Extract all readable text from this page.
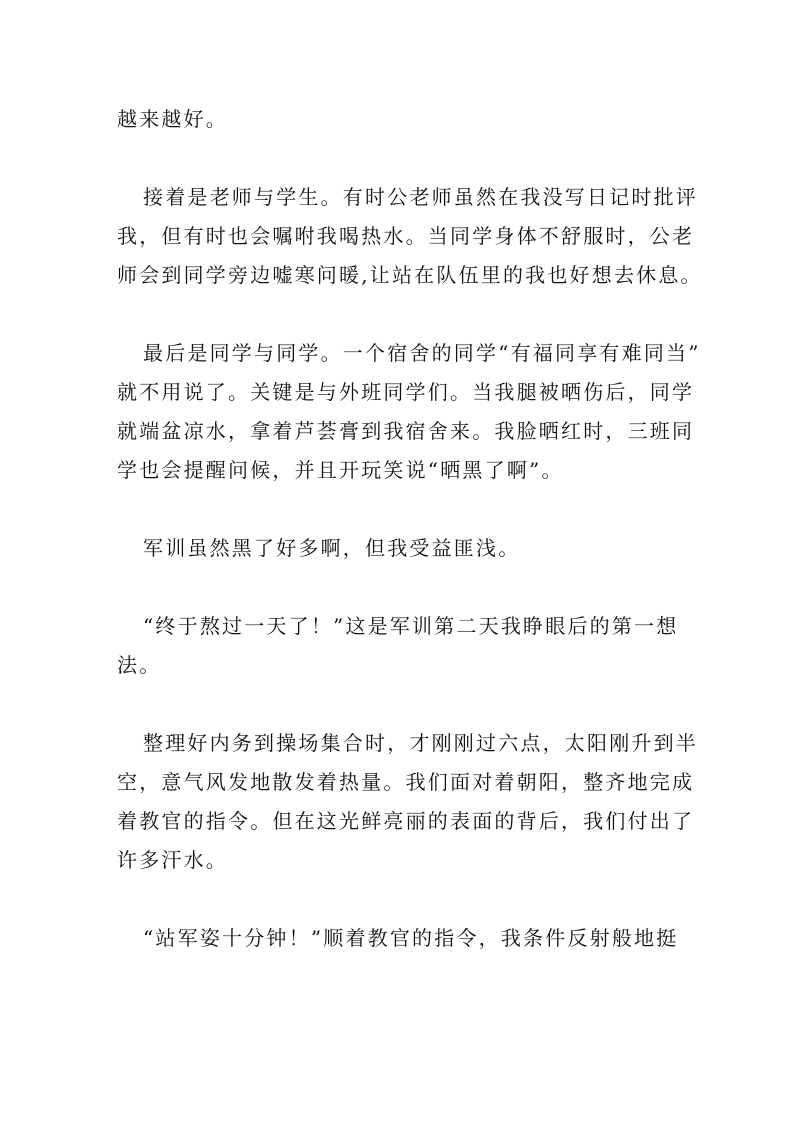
越来越好。
接着是老师与学生。有时公老师虽然在我没写日记时批评
我，但有时也会嘱咐我喝热水。当同学身体不舒服时，公老
师会到同学旁边嘘寒问暖,让站在队伍里的我也好想去休息。
最后是同学与同学。一个宿舍的同学“有福同享有难同当”
就不用说了。关键是与外班同学们。当我腿被晒伤后，同学
就端盆凉水，拿着芦荟膏到我宿舍来。我脸晒红时，三班同
学也会提醒问候，并且开玩笑说“晒黑了啊”。
军训虽然黑了好多啊，但我受益匪浅。
“终于熬过一天了！”这是军训第二天我睁眼后的第一想
法。
整理好内务到操场集合时，才刚刚过六点，太阳刚升到半
空，意气风发地散发着热量。我们面对着朝阳，整齐地完成
着教官的指令。但在这光鲜亮丽的表面的背后，我们付出了
许多汗水。
“站军姿十分钟！”顺着教官的指令，我条件反射般地挺
